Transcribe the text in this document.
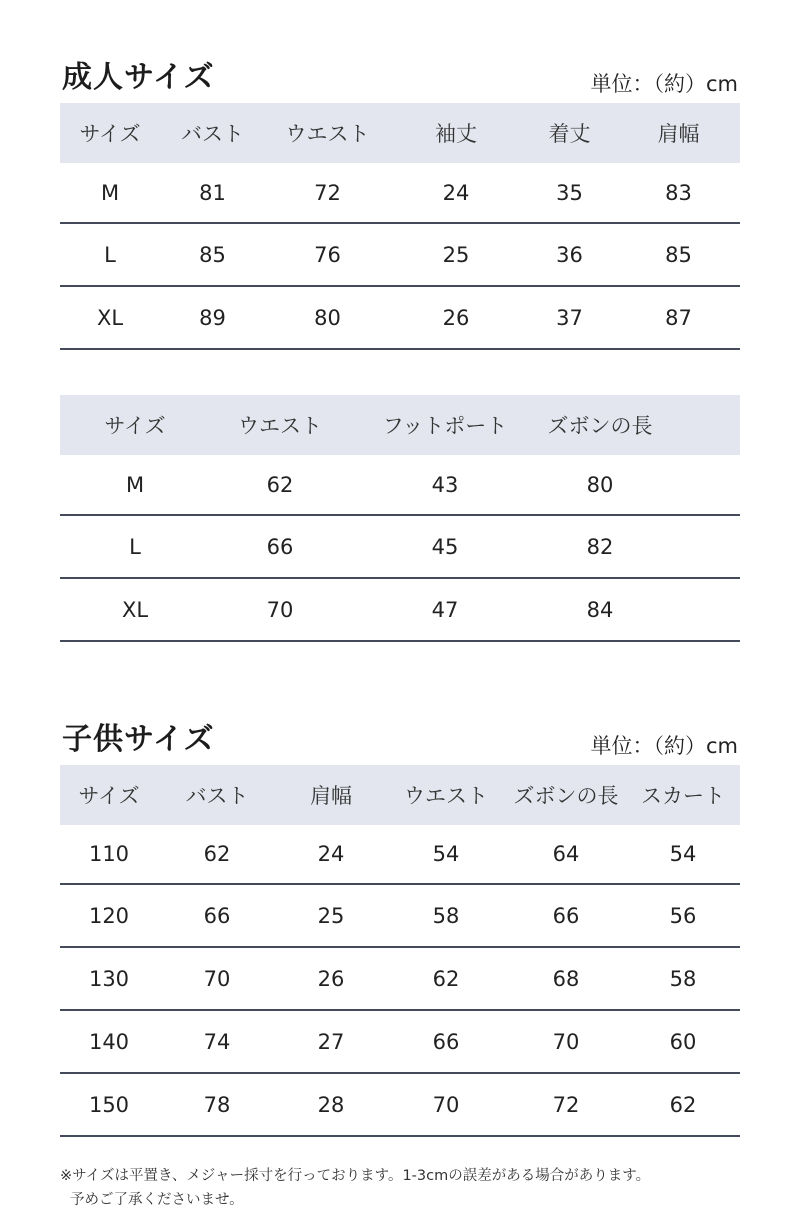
成人サイズ	単位：（約）cm
サイズ	バスト	ウエスト	袖丈	着丈	肩幅
M	81	72	24	35	83
L	85	76	25	36	85
XL	89	80	26	37	87
サイズ	ウエスト	フットポート	ズボンの長	
M	62	43	80	
L	66	45	82	
XL	70	47	84	
子供サイズ	単位：（約）cm
サイズ	バスト	肩幅	ウエスト	ズボンの長	スカート
110	62	24	54	64	54
120	66	25	58	66	56
130	70	26	62	68	58
140	74	27	66	70	60
150	78	28	70	72	62
※サイズは平置き、メジャー採寸を行っております。1-3cmの誤差がある場合があります。
予めご了承くださいませ。
